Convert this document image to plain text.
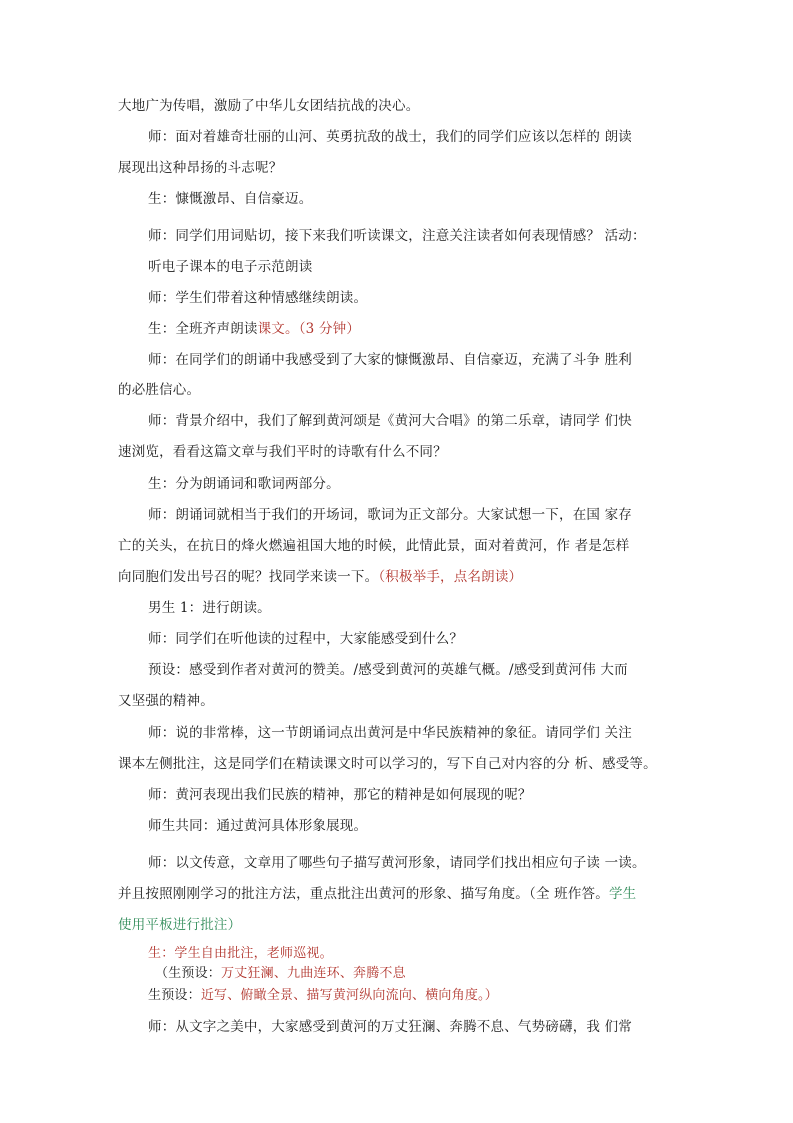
大地广为传唱，激励了中华儿女团结抗战的决心。
师：面对着雄奇壮丽的山河、英勇抗敌的战士，我们的同学们应该以怎样的 朗读
展现出这种昂扬的斗志呢？
生：慷慨激昂、自信豪迈。
师：同学们用词贴切，接下来我们听读课文，注意关注读者如何表现情感？ 活动：
听电子课本的电子示范朗读
师：学生们带着这种情感继续朗读。
生：全班齐声朗读课文。（3 分钟）
师：在同学们的朗诵中我感受到了大家的慷慨激昂、自信豪迈，充满了斗争 胜利
的必胜信心。
师：背景介绍中，我们了解到黄河颂是《黄河大合唱》的第二乐章，请同学 们快
速浏览，看看这篇文章与我们平时的诗歌有什么不同？
生：分为朗诵词和歌词两部分。
师：朗诵词就相当于我们的开场词，歌词为正文部分。大家试想一下，在国 家存
亡的关头，在抗日的烽火燃遍祖国大地的时候，此情此景，面对着黄河，作 者是怎样
向同胞们发出号召的呢？找同学来读一下。（积极举手，点名朗读）
男生 1：进行朗读。
师：同学们在听他读的过程中，大家能感受到什么？
预设：感受到作者对黄河的赞美。/感受到黄河的英雄气概。/感受到黄河伟 大而
又坚强的精神。
师：说的非常棒，这一节朗诵词点出黄河是中华民族精神的象征。请同学们 关注
课本左侧批注，这是同学们在精读课文时可以学习的，写下自己对内容的分 析、感受等。
师：黄河表现出我们民族的精神，那它的精神是如何展现的呢？
师生共同：通过黄河具体形象展现。
师：以文传意，文章用了哪些句子描写黄河形象，请同学们找出相应句子读 一读。
并且按照刚刚学习的批注方法，重点批注出黄河的形象、描写角度。（全 班作答。学生
使用平板进行批注）
生：学生自由批注，老师巡视。
（生预设：万丈狂澜、九曲连环、奔腾不息
生预设：近写、俯瞰全景、描写黄河纵向流向、横向角度。）
师：从文字之美中，大家感受到黄河的万丈狂澜、奔腾不息、气势磅礴，我 们常
